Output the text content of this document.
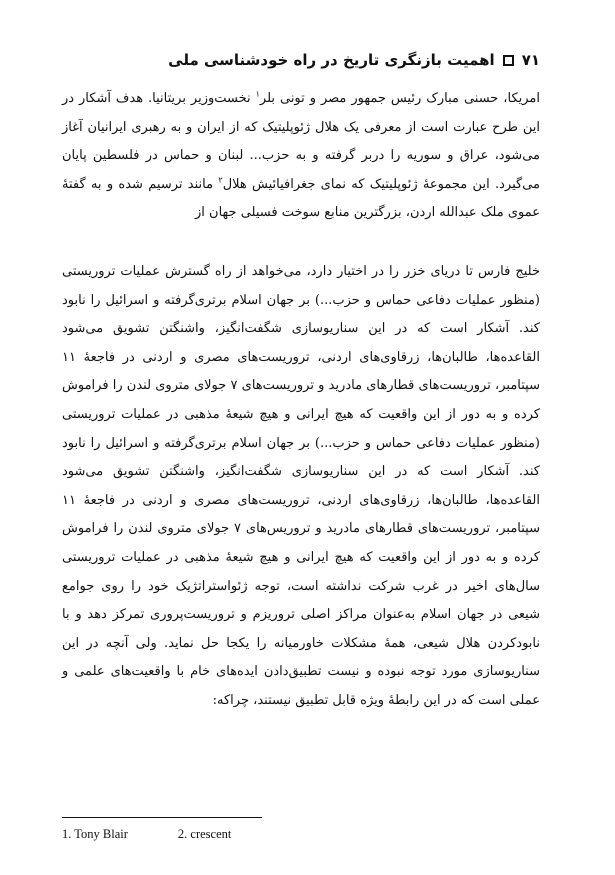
۷۱
اهمیت بازنگری تاریخ در راه خودشناسی ملی

امریکا، حسنی مبارک رئیس جمهور مصر و تونی بلر$^۱$ نخست‌وزیر بریتانیا. هدف آشکار در این طرح عبارت است از معرفی یک هلال ژئوپلیتیک که از ایران و به رهبری ایرانیان آغاز می‌شود، عراق و سوریه را دربر گرفته و به حزب‌... لبنان و حماس در فلسطین پایان می‌گیرد. این مجموعهٔ ژئوپلیتیک که نمای جغرافیائیش هلال$^۲$ مانند ترسیم شده و به گفتهٔ عموی ملک عبدالله اردن، بزرگترین منابع سوخت فسیلی جهان از

خلیج فارس تا دریای خزر را در اختیار دارد، می‌خواهد از راه گسترش عملیات تروریستی (منظور عملیات دفاعی حماس و حزب‌...) بر جهان اسلام برتری‌گرفته و اسرائیل را نابود کند. آشکار است که در این سناریوسازی شگفت‌انگیز، واشنگتن تشویق می‌شود القاعده‌ها، طالبان‌ها، زرقاوی‌های اردنی، تروریست‌های مصری و اردنی در فاجعهٔ ۱۱ سپتامبر، تروریست‌های قطارهای مادرید و تروریست‌های ۷ جولای متروی لندن را فراموش کرده و به دور از این واقعیت که هیچ ایرانی و هیچ شیعهٔ مذهبی در عملیات تروریستی (منظور عملیات دفاعی حماس و حزب‌...) بر جهان اسلام برتری‌گرفته و اسرائیل را نابود کند. آشکار است که در این سناریوسازی شگفت‌انگیز، واشنگتن تشویق می‌شود القاعده‌ها، طالبان‌ها، زرقاوی‌های اردنی، تروریست‌های مصری و اردنی در فاجعهٔ ۱۱ سپتامبر، تروریست‌های قطارهای مادرید و تروریس‌های ۷ جولای متروی لندن را فراموش کرده و به دور از این واقعیت که هیچ ایرانی و هیچ شیعهٔ مذهبی در عملیات تروریستی سال‌های اخیر در غرب شرکت نداشته است، توجه ژئواستراتژیک خود را روی جوامع شیعی در جهان اسلام به‌عنوان مراکز اصلی تروریزم و تروریست‌پروری تمرکز دهد و با نابودکردن هلال شیعی، همهٔ مشکلات خاورمیانه را یکجا حل نماید. ولی آنچه در این سناریوسازی مورد توجه نبوده و نیست تطبیق‌دادن ایده‌های خام با واقعیت‌های علمی و عملی است که در این رابطهٔ ویژه قابل تطبیق نیستند، چراکه:

1. Tony Blair	2. crescent
